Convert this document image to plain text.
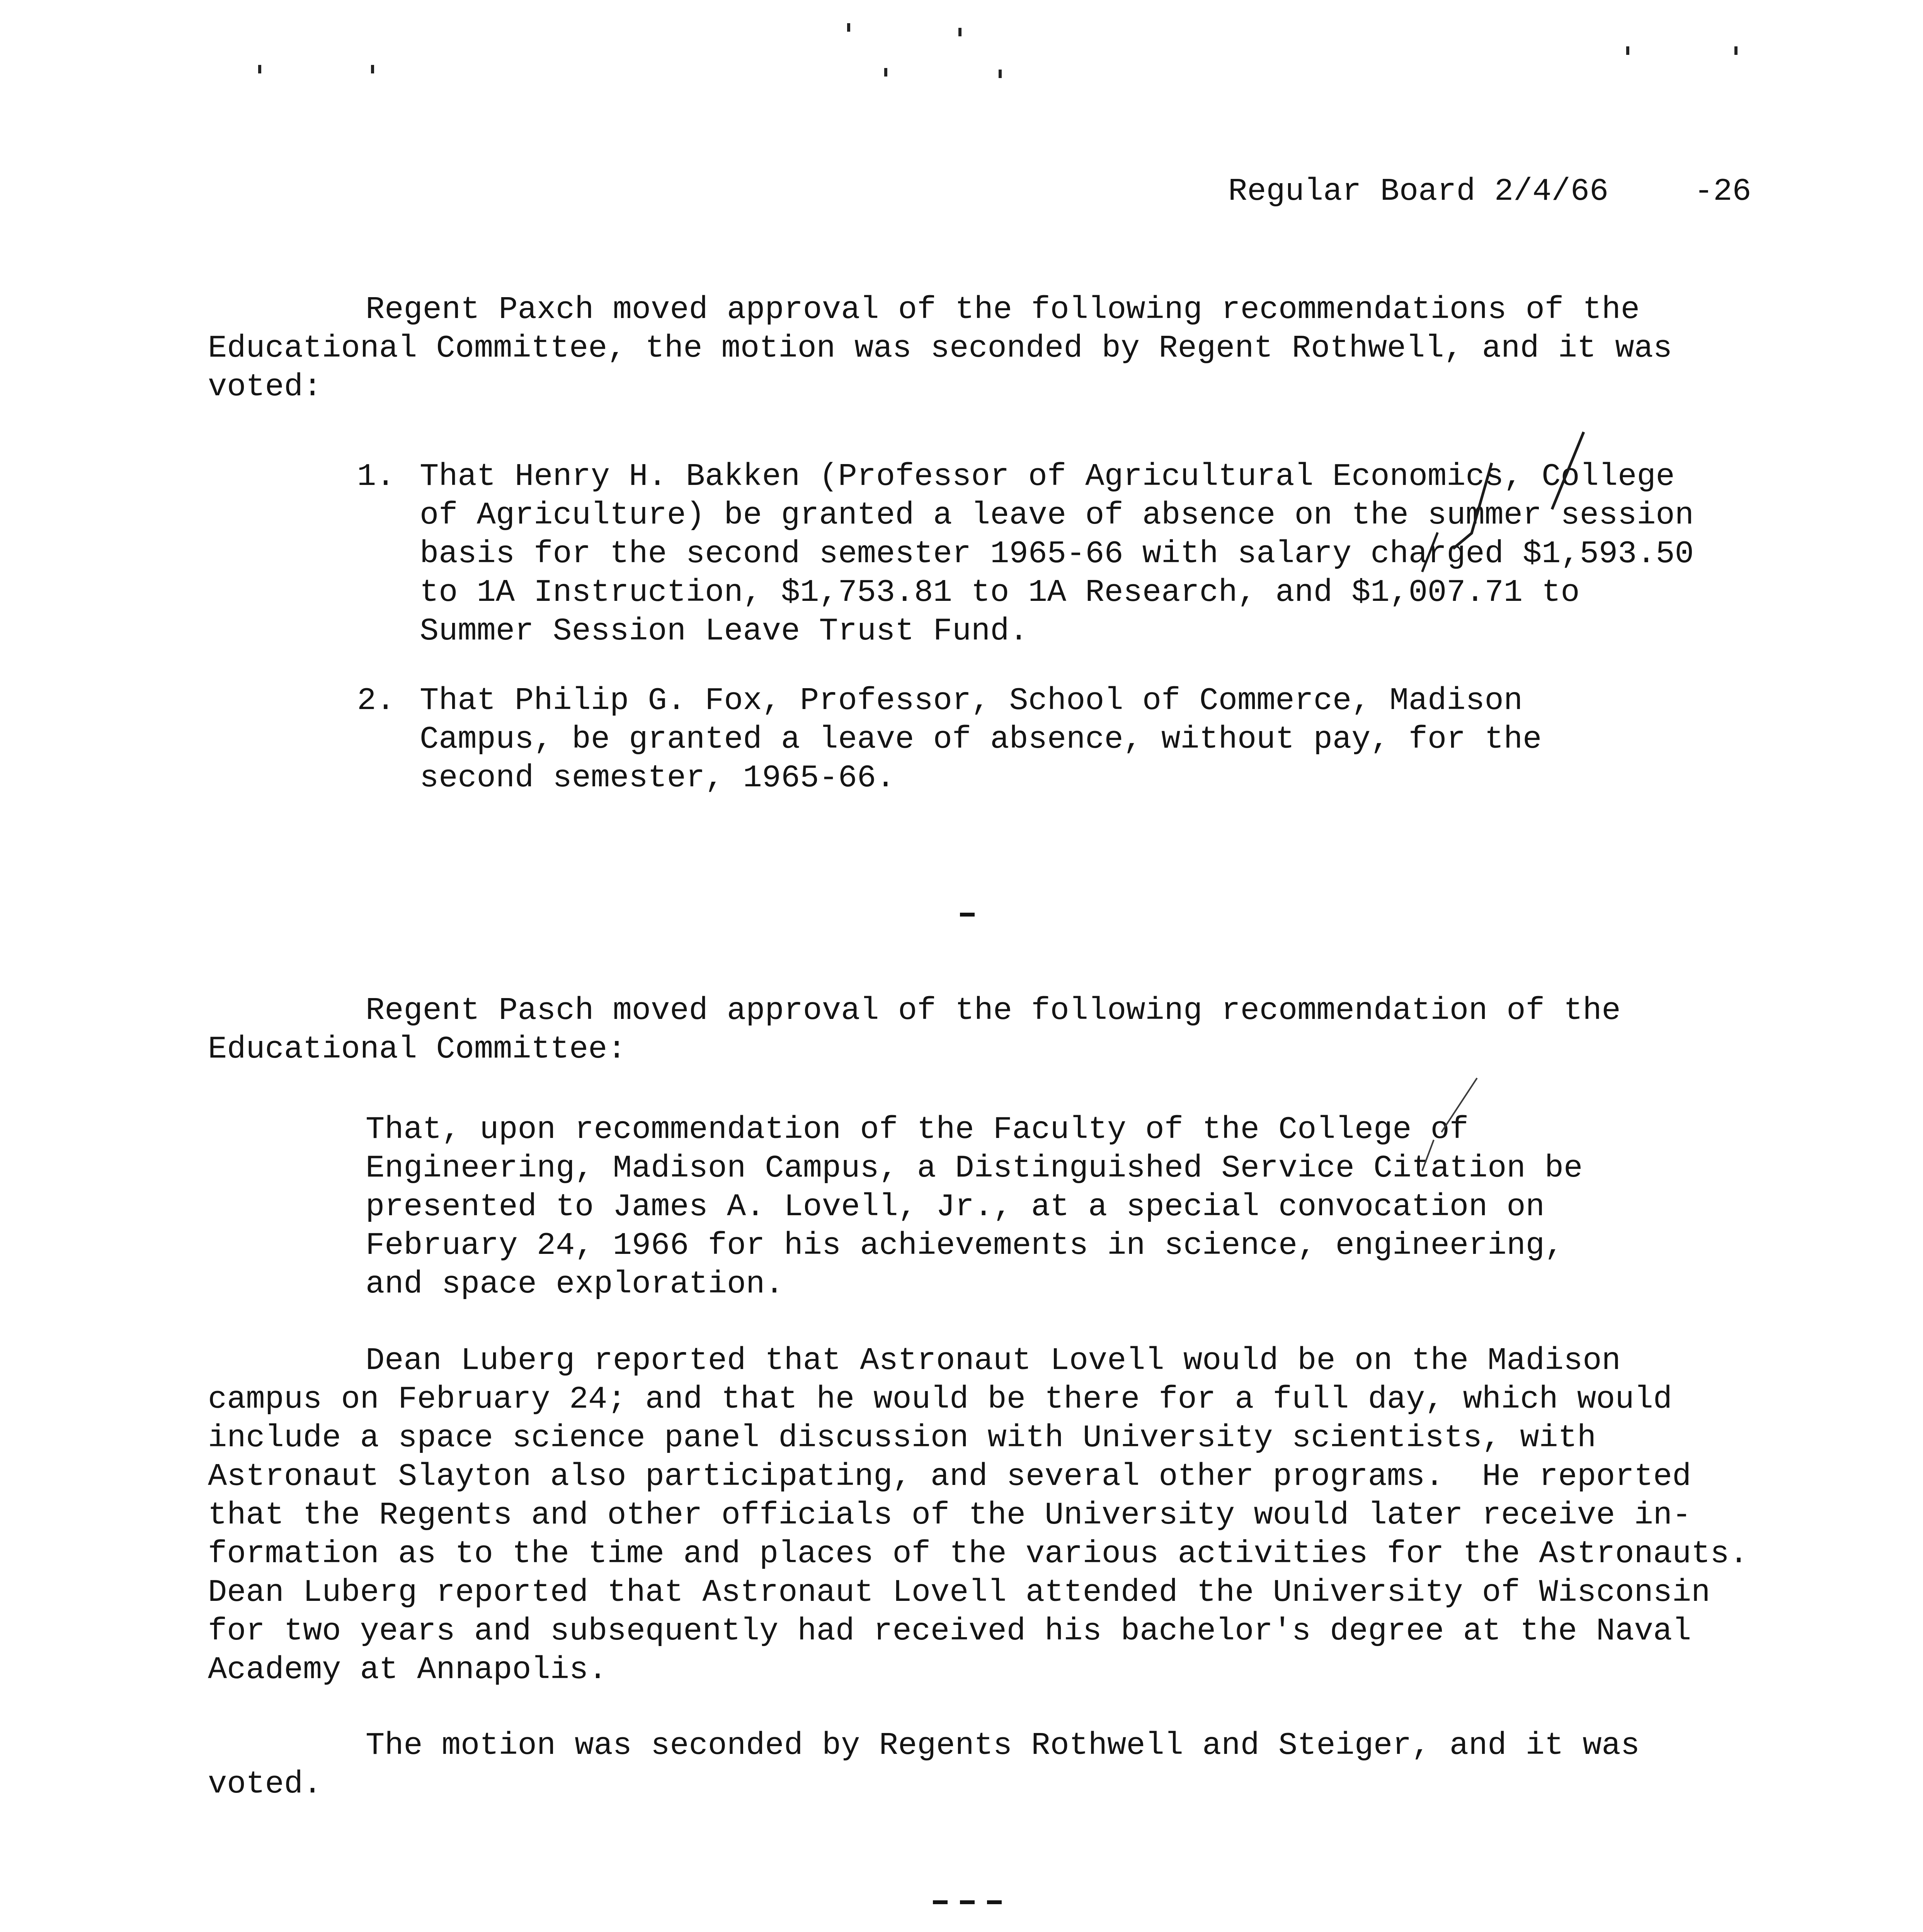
Regular Board 2/4/66	-26

Regent Paxch moved approval of the following recommendations of the

Educational Committee, the motion was seconded by Regent Rothwell, and it was

voted:

1. That Henry H. Bakken (Professor of Agricultural Economics, College

of Agriculture) be granted a leave of absence on the summer session

basis for the second semester 1965-66 with salary charged $1,593.50

to 1A Instruction, $1,753.81 to 1A Research, and $1,007.71 to

Summer Session Leave Trust Fund.

2. That Philip G. Fox, Professor, School of Commerce, Madison

Campus, be granted a leave of absence, without pay, for the

second semester, 1965-66.

Regent Pasch moved approval of the following recommendation of the

Educational Committee:

That, upon recommendation of the Faculty of the College of

Engineering, Madison Campus, a Distinguished Service Citation be

presented to James A. Lovell, Jr., at a special convocation on

February 24, 1966 for his achievements in science, engineering,

and space exploration.

Dean Luberg reported that Astronaut Lovell would be on the Madison

campus on February 24; and that he would be there for a full day, which would

include a space science panel discussion with University scientists, with

Astronaut Slayton also participating, and several other programs.  He reported

that the Regents and other officials of the University would later receive in-

formation as to the time and places of the various activities for the Astronauts.

Dean Luberg reported that Astronaut Lovell attended the University of Wisconsin

for two years and subsequently had received his bachelor's degree at the Naval

Academy at Annapolis.

The motion was seconded by Regents Rothwell and Steiger, and it was

voted.
